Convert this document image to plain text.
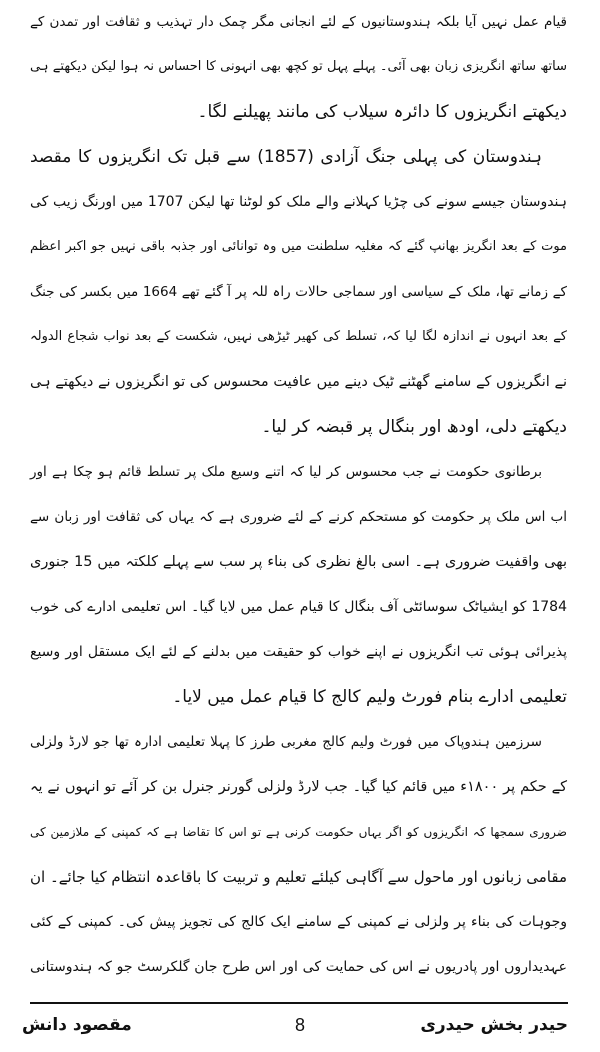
قیام عمل نہیں آیا بلکہ ہندوستانیوں کے لئے انجانی مگر چمک دار تہذیب و ثقافت اور تمدن کے
ساتھ ساتھ انگریزی زبان بھی آئی۔ پہلے پہل تو کچھ بھی انہونی کا احساس نہ ہوا لیکن دیکھتے ہی
دیکھتے انگریزوں کا دائرہ سیلاب کی مانند پھیلنے لگا۔
ہندوستان کی پہلی جنگ آزادی (1857) سے قبل تک انگریزوں کا مقصد
ہندوستان جیسے سونے کی چڑیا کہلانے والے ملک کو لوٹنا تھا لیکن 1707 میں اورنگ زیب کی
موت کے بعد انگریز بھانپ گئے کہ مغلیہ سلطنت میں وہ توانائی اور جذبہ باقی نہیں جو اکبر اعظم
کے زمانے تھا، ملک کے سیاسی اور سماجی حالات راہ للہ پر آ گئے تھے 1664 میں بکسر کی جنگ
کے بعد انہوں نے اندازہ لگا لیا کہ، تسلط کی کھیر ٹیڑھی نہیں، شکست کے بعد نواب شجاع الدولہ
نے انگریزوں کے سامنے گھٹنے ٹیک دینے میں عافیت محسوس کی تو انگریزوں نے دیکھتے ہی
دیکھتے دلی، اودھ اور بنگال پر قبضہ کر لیا۔
برطانوی حکومت نے جب محسوس کر لیا کہ اتنے وسیع ملک پر تسلط قائم ہو چکا ہے اور
اب اس ملک پر حکومت کو مستحکم کرنے کے لئے ضروری ہے کہ یہاں کی ثقافت اور زبان سے
بھی واقفیت ضروری ہے۔ اسی بالغ نظری کی بناء پر سب سے پہلے کلکتہ میں 15 جنوری
1784 کو ایشیاٹک سوسائٹی آف بنگال کا قیام عمل میں لایا گیا۔ اس تعلیمی ادارے کی خوب
پذیرائی ہوئی تب انگریزوں نے اپنے خواب کو حقیقت میں بدلنے کے لئے ایک مستقل اور وسیع
تعلیمی ادارے بنام فورٹ ولیم کالج کا قیام عمل میں لایا۔
سرزمین ہندوپاک میں فورٹ ولیم کالج مغربی طرز کا پہلا تعلیمی ادارہ تھا جو لارڈ ولزلی
کے حکم پر ۱۸۰۰ء میں قائم کیا گیا۔ جب لارڈ ولزلی گورنر جنرل بن کر آئے تو انہوں نے یہ
ضروری سمجھا کہ انگریزوں کو اگر یہاں حکومت کرنی ہے تو اس کا تقاضا ہے کہ کمپنی کے ملازمین کی
مقامی زبانوں اور ماحول سے آگاہی کیلئے تعلیم و تربیت کا باقاعدہ انتظام کیا جائے۔ ان
وجوہات کی بناء پر ولزلی نے کمپنی کے سامنے ایک کالج کی تجویز پیش کی۔ کمپنی کے کئی
عہدیداروں اور پادریوں نے اس کی حمایت کی اور اس طرح جان گلکرسٹ جو کہ ہندوستانی
حیدر بخش حیدری
8
مقصود دانش
